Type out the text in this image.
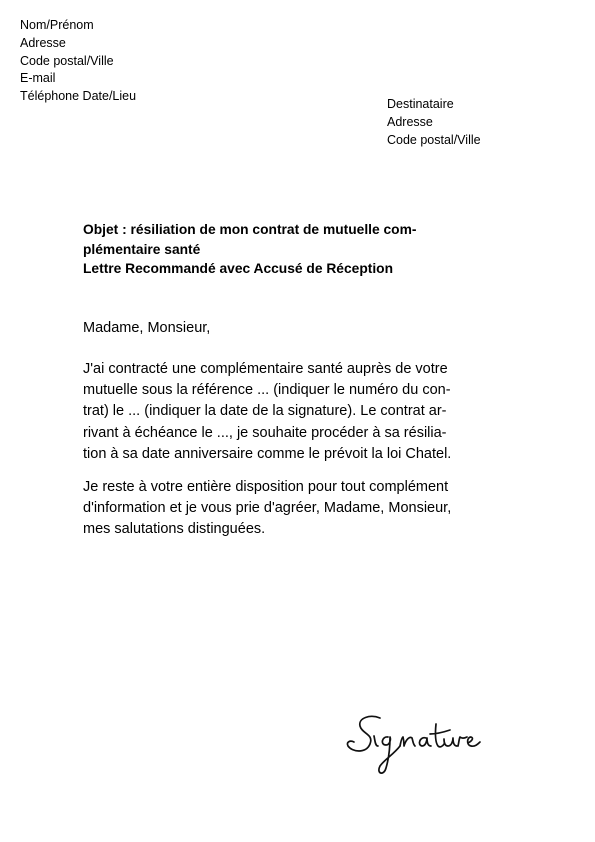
Nom/Prénom
Adresse
Code postal/Ville
E-mail
Téléphone Date/Lieu
Destinataire
Adresse
Code postal/Ville
Objet : résiliation de mon contrat de mutuelle com-
plémentaire santé
Lettre Recommandé avec Accusé de Réception
Madame, Monsieur,
J'ai contracté une complémentaire santé auprès de votre
mutuelle sous la référence ... (indiquer le numéro du con-
trat) le ... (indiquer la date de la signature). Le contrat ar-
rivant à échéance le ..., je souhaite procéder à sa résilia-
tion à sa date anniversaire comme le prévoit la loi Chatel.
Je reste à votre entière disposition pour tout complément
d'information et je vous prie d'agréer, Madame, Monsieur,
mes salutations distinguées.
